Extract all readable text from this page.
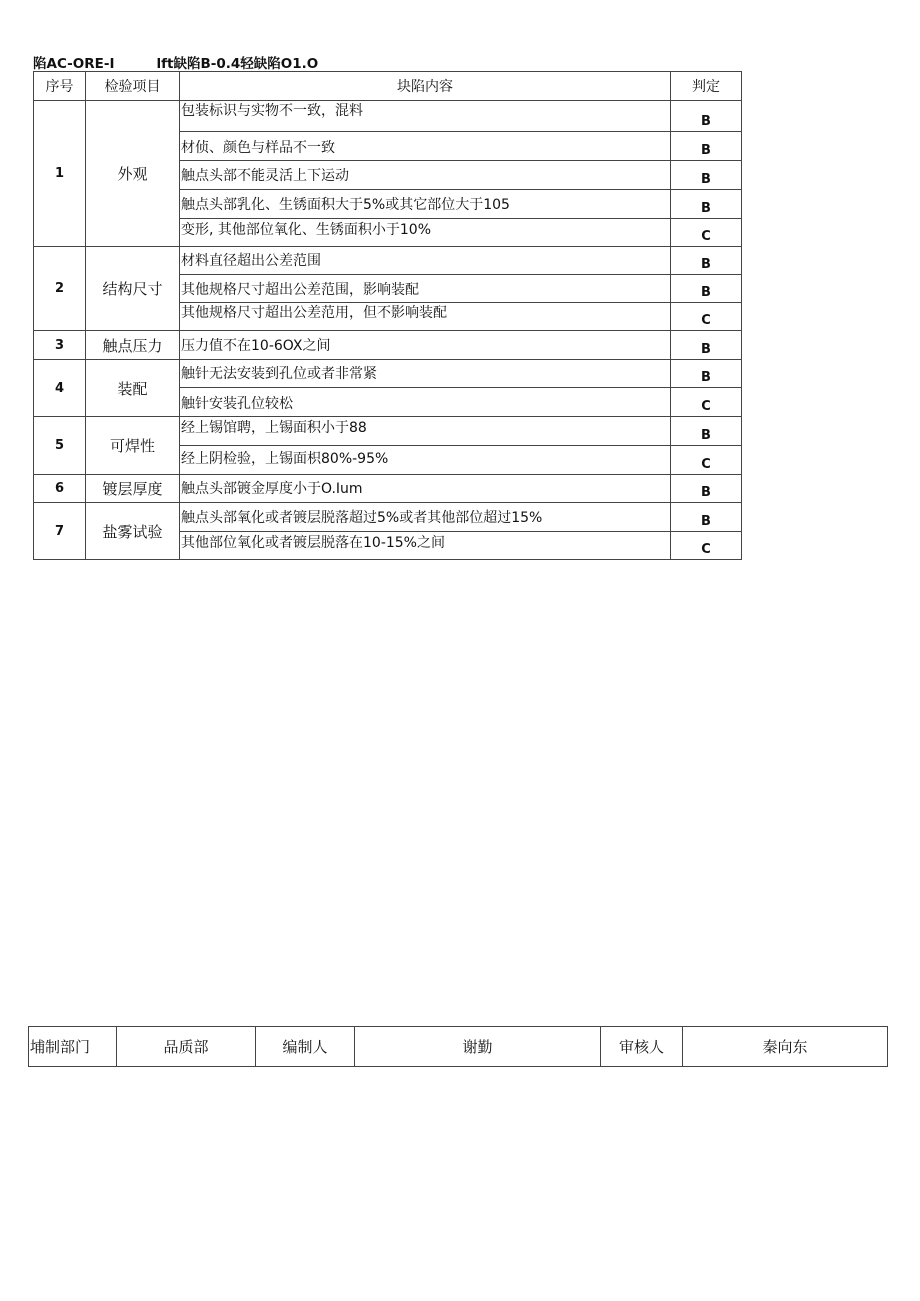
陷AC-ORE-I	lft缺陷B-0.4轻缺陷O1.O
序号	检验项目	块陷内容	判定
1	外观	包装标识与实物不一致，混料	B
		材侦、颜色与样品不一致	B
		触点头部不能灵活上下运动	B
		触点头部乳化、生锈面积大于5%或其它部位大于105	B
		变形, 其他部位氧化、生锈面积小于10%	C
2	结构尺寸	材料直径超出公差范围	B
		其他规格尺寸超出公差范围，影响装配	B
		其他规格尺寸超出公差范用，但不影响装配	C
3	触点压力	压力值不在10-6OX之间	B
4	装配	触针无法安装到孔位或者非常紧	B
		触针安装孔位较松	C
5	可焊性	经上锡馆聘，上锡面积小于88	B
		经上阴检验，上锡面枳80%-95%	C
6	镀层厚度	触点头部镀金厚度小于O.Ium	B
7	盐雾试验	触点头部氧化或者镀层脱落超过5%或者其他部位超过15%	B
		其他部位氧化或者镀层脱落在10-15%之间	C
埔制部门	品质部	编制人	谢勤	审核人	秦向东
